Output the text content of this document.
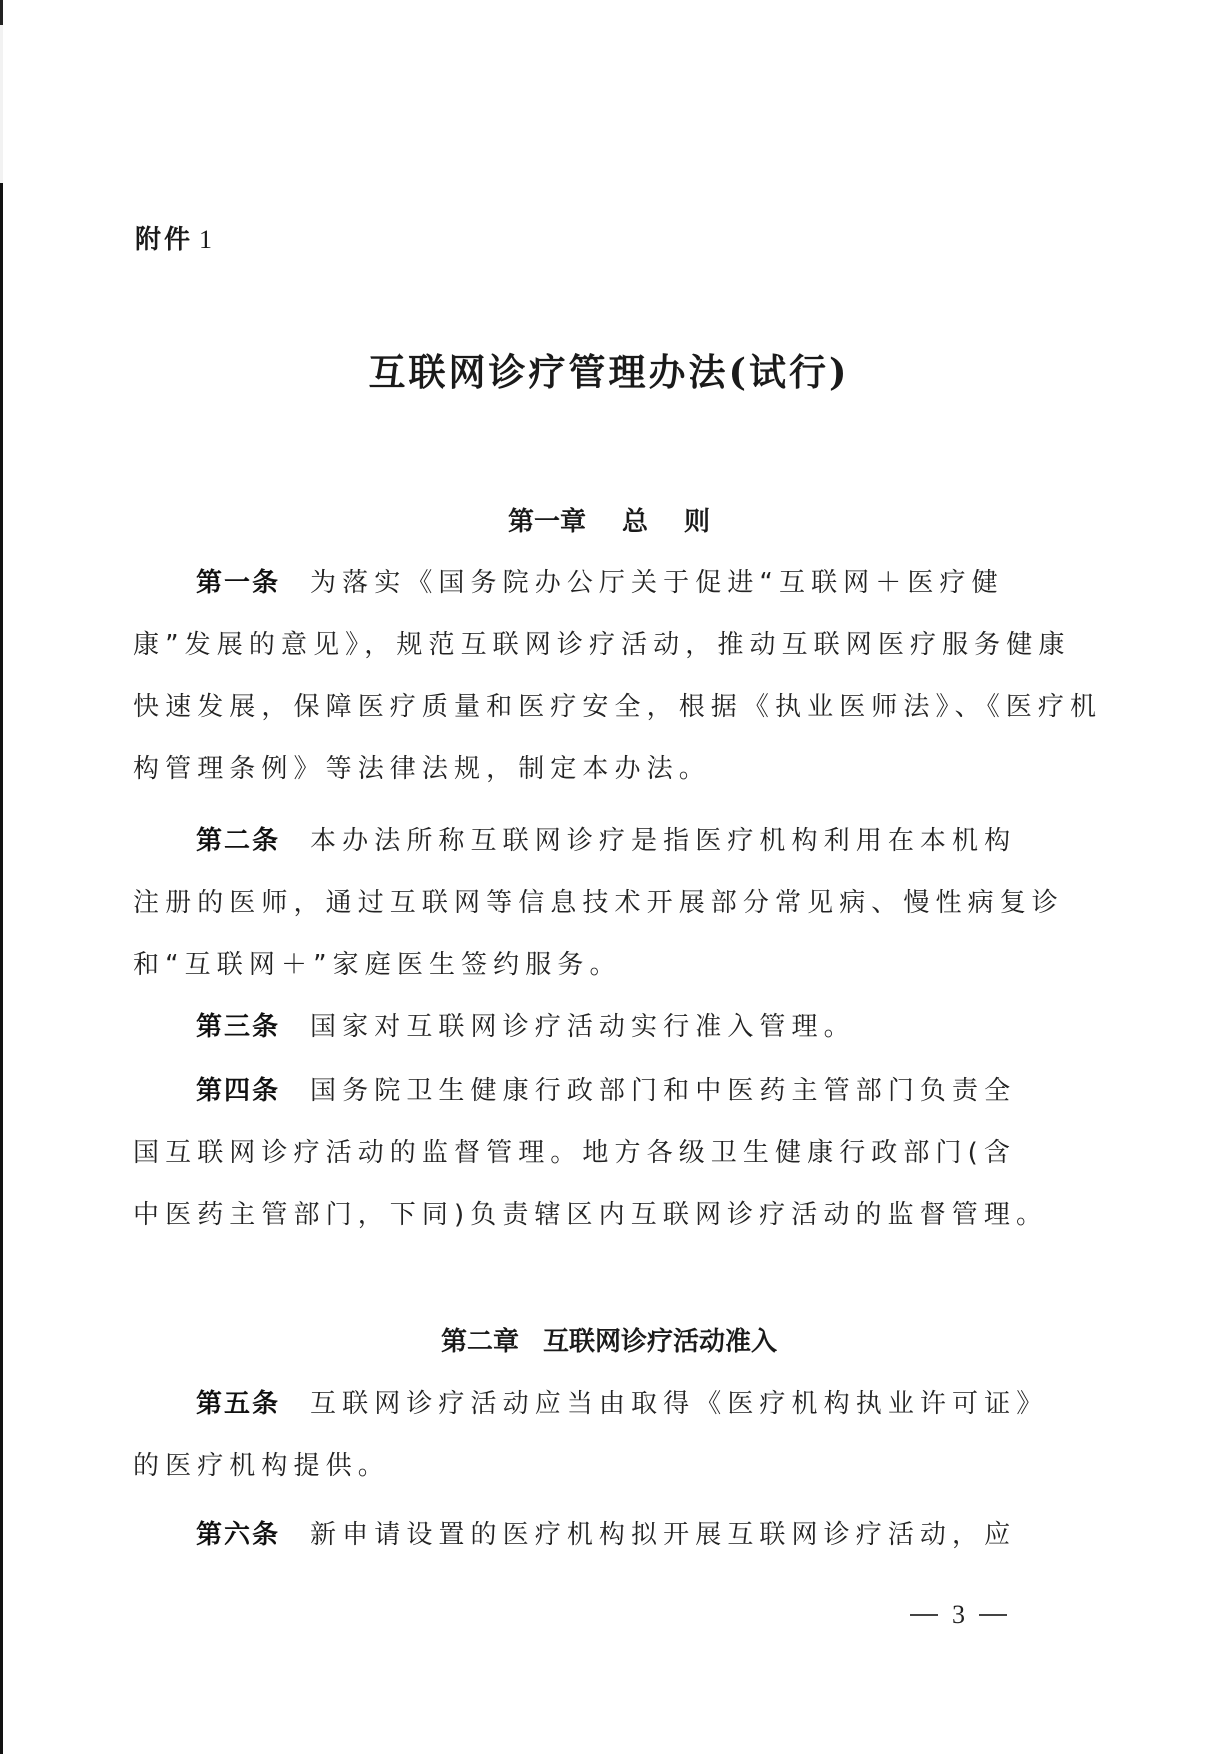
附件 1
互联网诊疗管理办法(试行)
第一章 总 则
第一条 为落实《国务院办公厅关于促进“互联网＋医疗健
康”发展的意见》，规范互联网诊疗活动，推动互联网医疗服务健康
快速发展，保障医疗质量和医疗安全，根据《执业医师法》、《医疗机
构管理条例》等法律法规，制定本办法。
第二条 本办法所称互联网诊疗是指医疗机构利用在本机构
注册的医师，通过互联网等信息技术开展部分常见病、慢性病复诊
和“互联网＋”家庭医生签约服务。
第三条 国家对互联网诊疗活动实行准入管理。
第四条 国务院卫生健康行政部门和中医药主管部门负责全
国互联网诊疗活动的监督管理。地方各级卫生健康行政部门(含
中医药主管部门，下同)负责辖区内互联网诊疗活动的监督管理。
第二章 互联网诊疗活动准入
第五条 互联网诊疗活动应当由取得《医疗机构执业许可证》
的医疗机构提供。
第六条 新申请设置的医疗机构拟开展互联网诊疗活动，应
3
